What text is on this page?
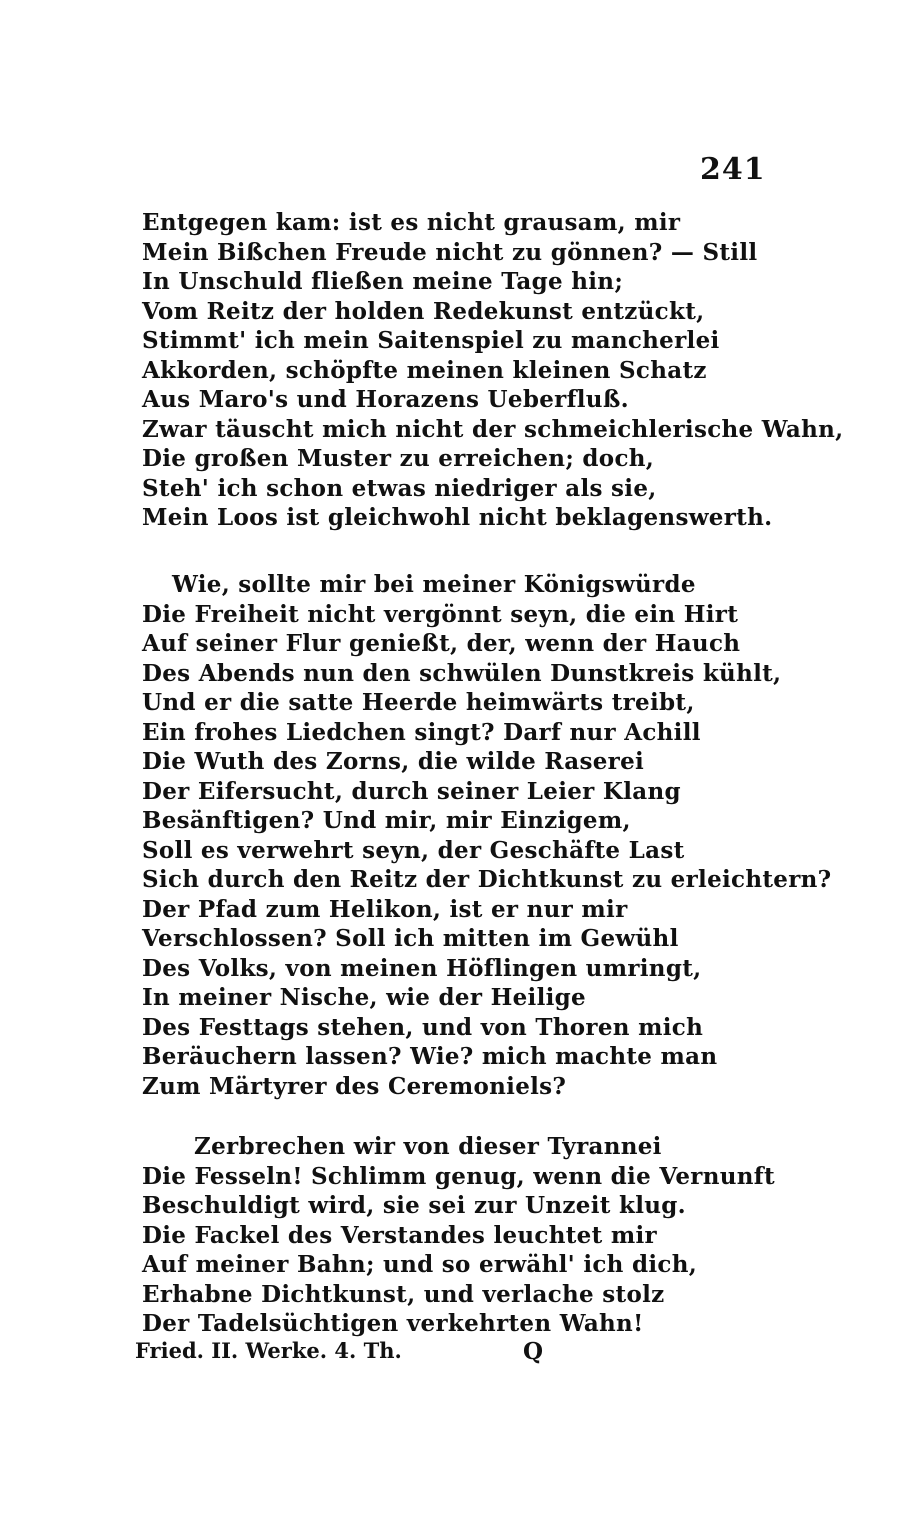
241
Entgegen kam: ist es nicht grausam, mir
Mein Bißchen Freude nicht zu gönnen? — Still
In Unschuld fließen meine Tage hin;
Vom Reitz der holden Redekunst entzückt,
Stimmt' ich mein Saitenspiel zu mancherlei
Akkorden, schöpfte meinen kleinen Schatz
Aus Maro's und Horazens Ueberfluß.
Zwar täuscht mich nicht der schmeichlerische Wahn,
Die großen Muster zu erreichen; doch,
Steh' ich schon etwas niedriger als sie,
Mein Loos ist gleichwohl nicht beklagenswerth.
Wie, sollte mir bei meiner Königswürde
Die Freiheit nicht vergönnt seyn, die ein Hirt
Auf seiner Flur genießt, der, wenn der Hauch
Des Abends nun den schwülen Dunstkreis kühlt,
Und er die satte Heerde heimwärts treibt,
Ein frohes Liedchen singt? Darf nur Achill
Die Wuth des Zorns, die wilde Raserei
Der Eifersucht, durch seiner Leier Klang
Besänftigen? Und mir, mir Einzigem,
Soll es verwehrt seyn, der Geschäfte Last
Sich durch den Reitz der Dichtkunst zu erleichtern?
Der Pfad zum Helikon, ist er nur mir
Verschlossen? Soll ich mitten im Gewühl
Des Volks, von meinen Höflingen umringt,
In meiner Nische, wie der Heilige
Des Festtags stehen, und von Thoren mich
Beräuchern lassen? Wie? mich machte man
Zum Märtyrer des Ceremoniels?
Zerbrechen wir von dieser Tyrannei
Die Fesseln! Schlimm genug, wenn die Vernunft
Beschuldigt wird, sie sei zur Unzeit klug.
Die Fackel des Verstandes leuchtet mir
Auf meiner Bahn; und so erwähl' ich dich,
Erhabne Dichtkunst, und verlache stolz
Der Tadelsüchtigen verkehrten Wahn!
Fried. II. Werke. 4. Th.	Q
